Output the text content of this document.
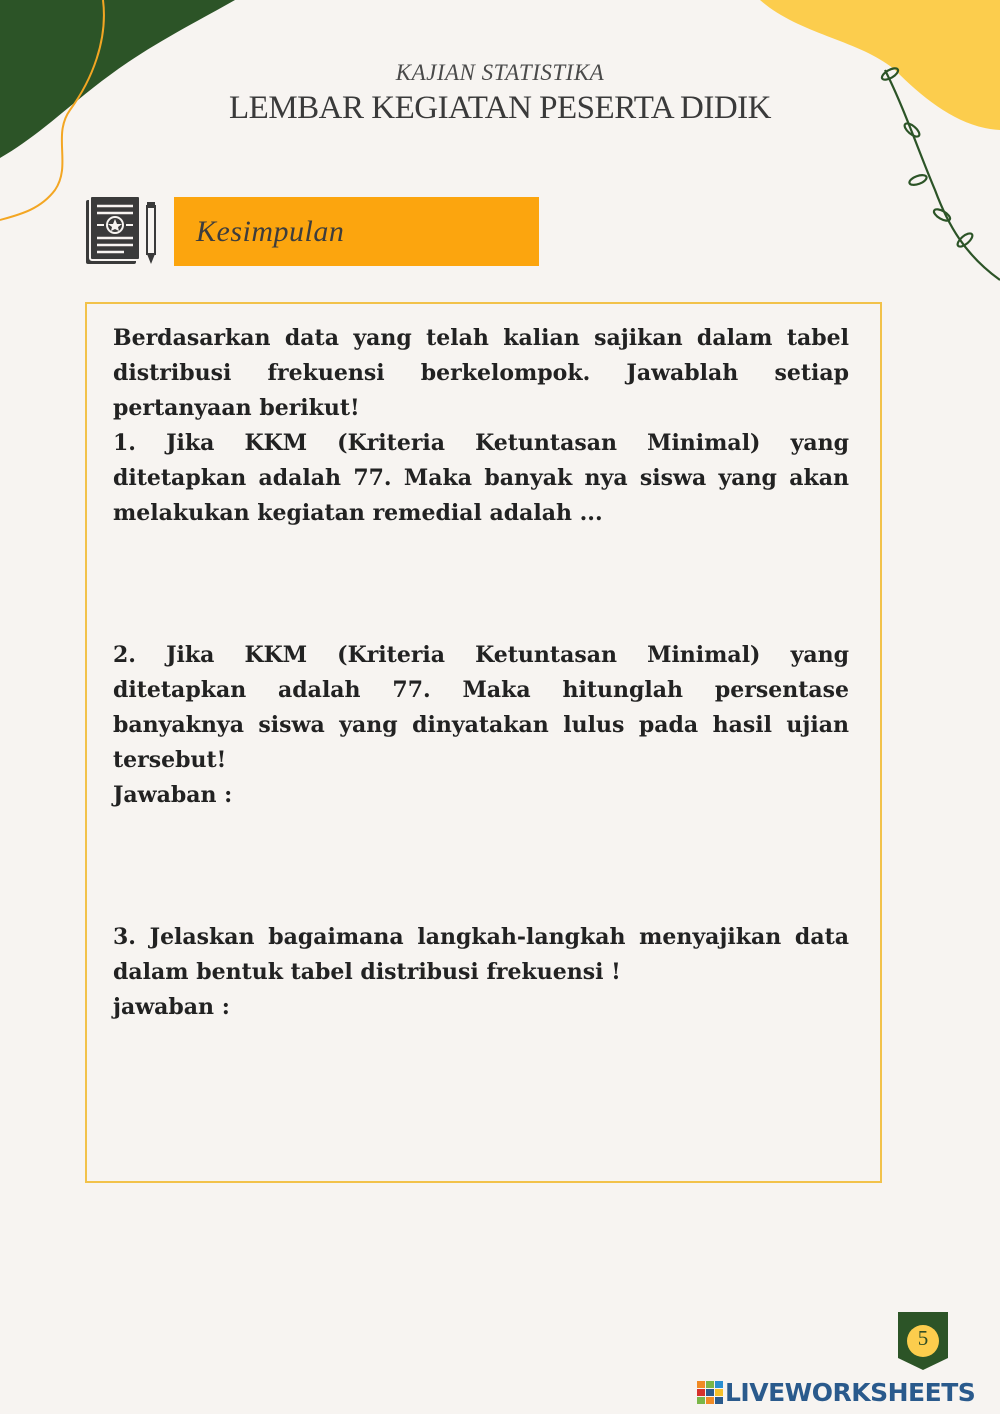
KAJIAN STATISTIKA
LEMBAR KEGIATAN PESERTA DIDIK
Kesimpulan

Berdasarkan data yang telah kalian sajikan dalam tabel distribusi frekuensi berkelompok. Jawablah setiap pertanyaan berikut!
1. Jika KKM (Kriteria Ketuntasan Minimal) yang ditetapkan adalah 77. Maka banyak nya siswa yang akan melakukan kegiatan remedial adalah ...

2. Jika KKM (Kriteria Ketuntasan Minimal) yang ditetapkan adalah 77. Maka hitunglah persentase banyaknya siswa yang dinyatakan lulus pada hasil ujian tersebut!
Jawaban :

3. Jelaskan bagaimana langkah-langkah menyajikan data dalam bentuk tabel distribusi frekuensi !
jawaban :

5
LIVEWORKSHEETS
